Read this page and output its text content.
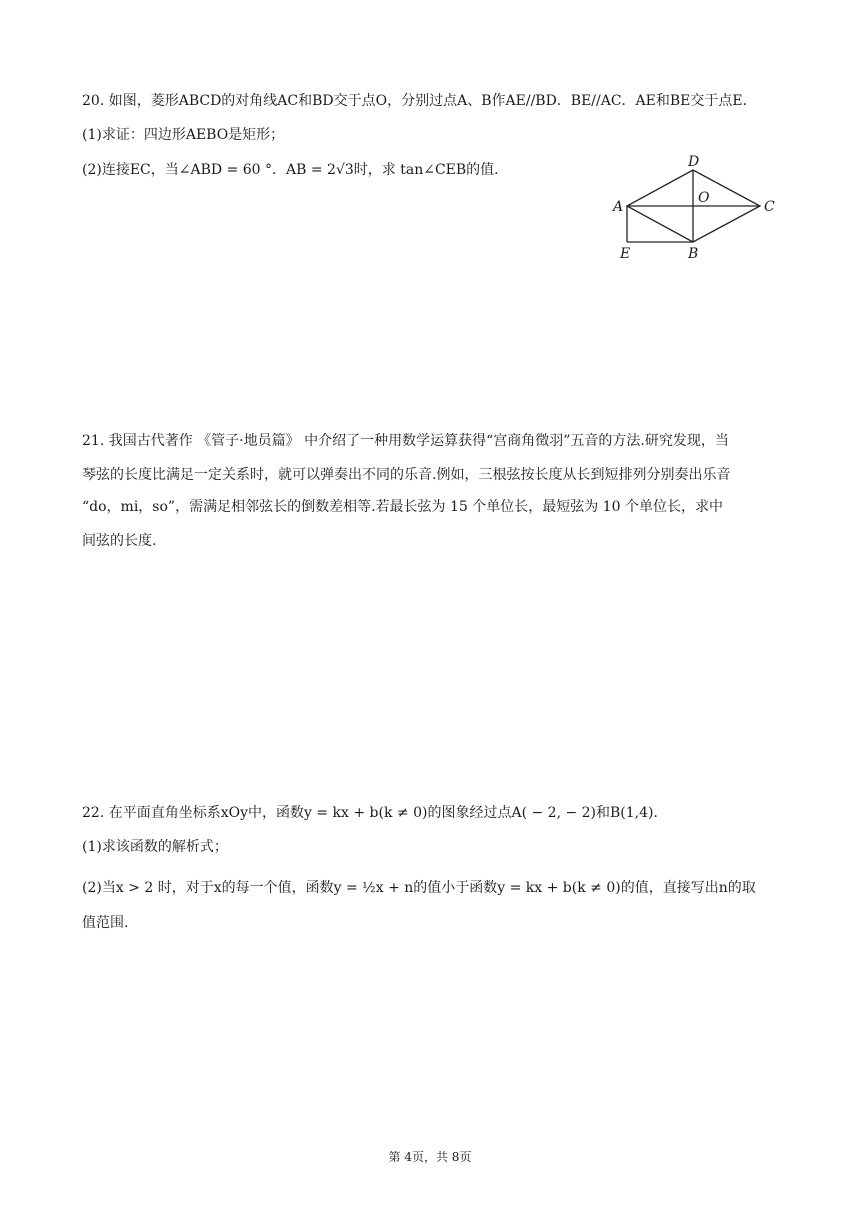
20. 如图，菱形ABCD的对角线AC和BD交于点O，分别过点A、B作AE//BD．BE//AC．AE和BE交于点E．
(1)求证：四边形AEBO是矩形；
(2)连接EC，当∠ABD = 60 °．AB = 2√3时，求 tan∠CEB的值．	D
O
A	C
E	B
21. 我国古代著作 《管子·地员篇》 中介绍了一种用数学运算获得“宫商角徵羽”五音的方法.研究发现，当
琴弦的长度比满足一定关系时，就可以弹奏出不同的乐音.例如，三根弦按长度从长到短排列分别奏出乐音
“do，mi，so”，需满足相邻弦长的倒数差相等.若最长弦为 15 个单位长，最短弦为 10 个单位长，求中
间弦的长度.
22. 在平面直角坐标系xOy中，函数y = kx + b(k ≠ 0)的图象经过点A( − 2, − 2)和B(1,4)．
(1)求该函数的解析式；
(2)当x > 2 时，对于x的每一个值，函数y = ½x + n的值小于函数y = kx + b(k ≠ 0)的值，直接写出n的取
值范围.
第 4页，共 8页
